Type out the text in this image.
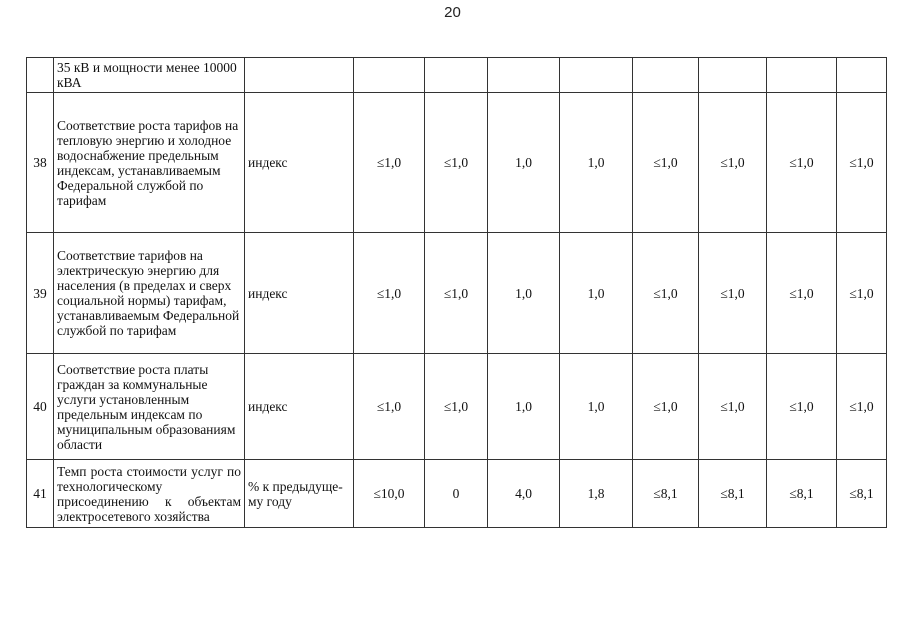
20
	35 кВ и мощности менее 10000 кВА									
38	Соответствие роста тарифов на тепловую энергию и холодное водоснабжение предельным индексам, устанавливаемым Федеральной службой по тарифам	индекс	≤1,0	≤1,0	1,0	1,0	≤1,0	≤1,0	≤1,0	≤1,0
39	Соответствие тарифов на электрическую энергию для населения (в пределах и сверх социальной нормы) тарифам, устанавливаемым Федеральной службой по тарифам	индекс	≤1,0	≤1,0	1,0	1,0	≤1,0	≤1,0	≤1,0	≤1,0
40	Соответствие роста платы граждан за коммунальные услуги установленным предельным индексам по муниципальным образованиям области	индекс	≤1,0	≤1,0	1,0	1,0	≤1,0	≤1,0	≤1,0	≤1,0
41	Темп роста стоимости услуг по технологическому присоединению к объектам электросетевого хозяйства	% к предыдуще-му году	≤10,0	0	4,0	1,8	≤8,1	≤8,1	≤8,1	≤8,1
